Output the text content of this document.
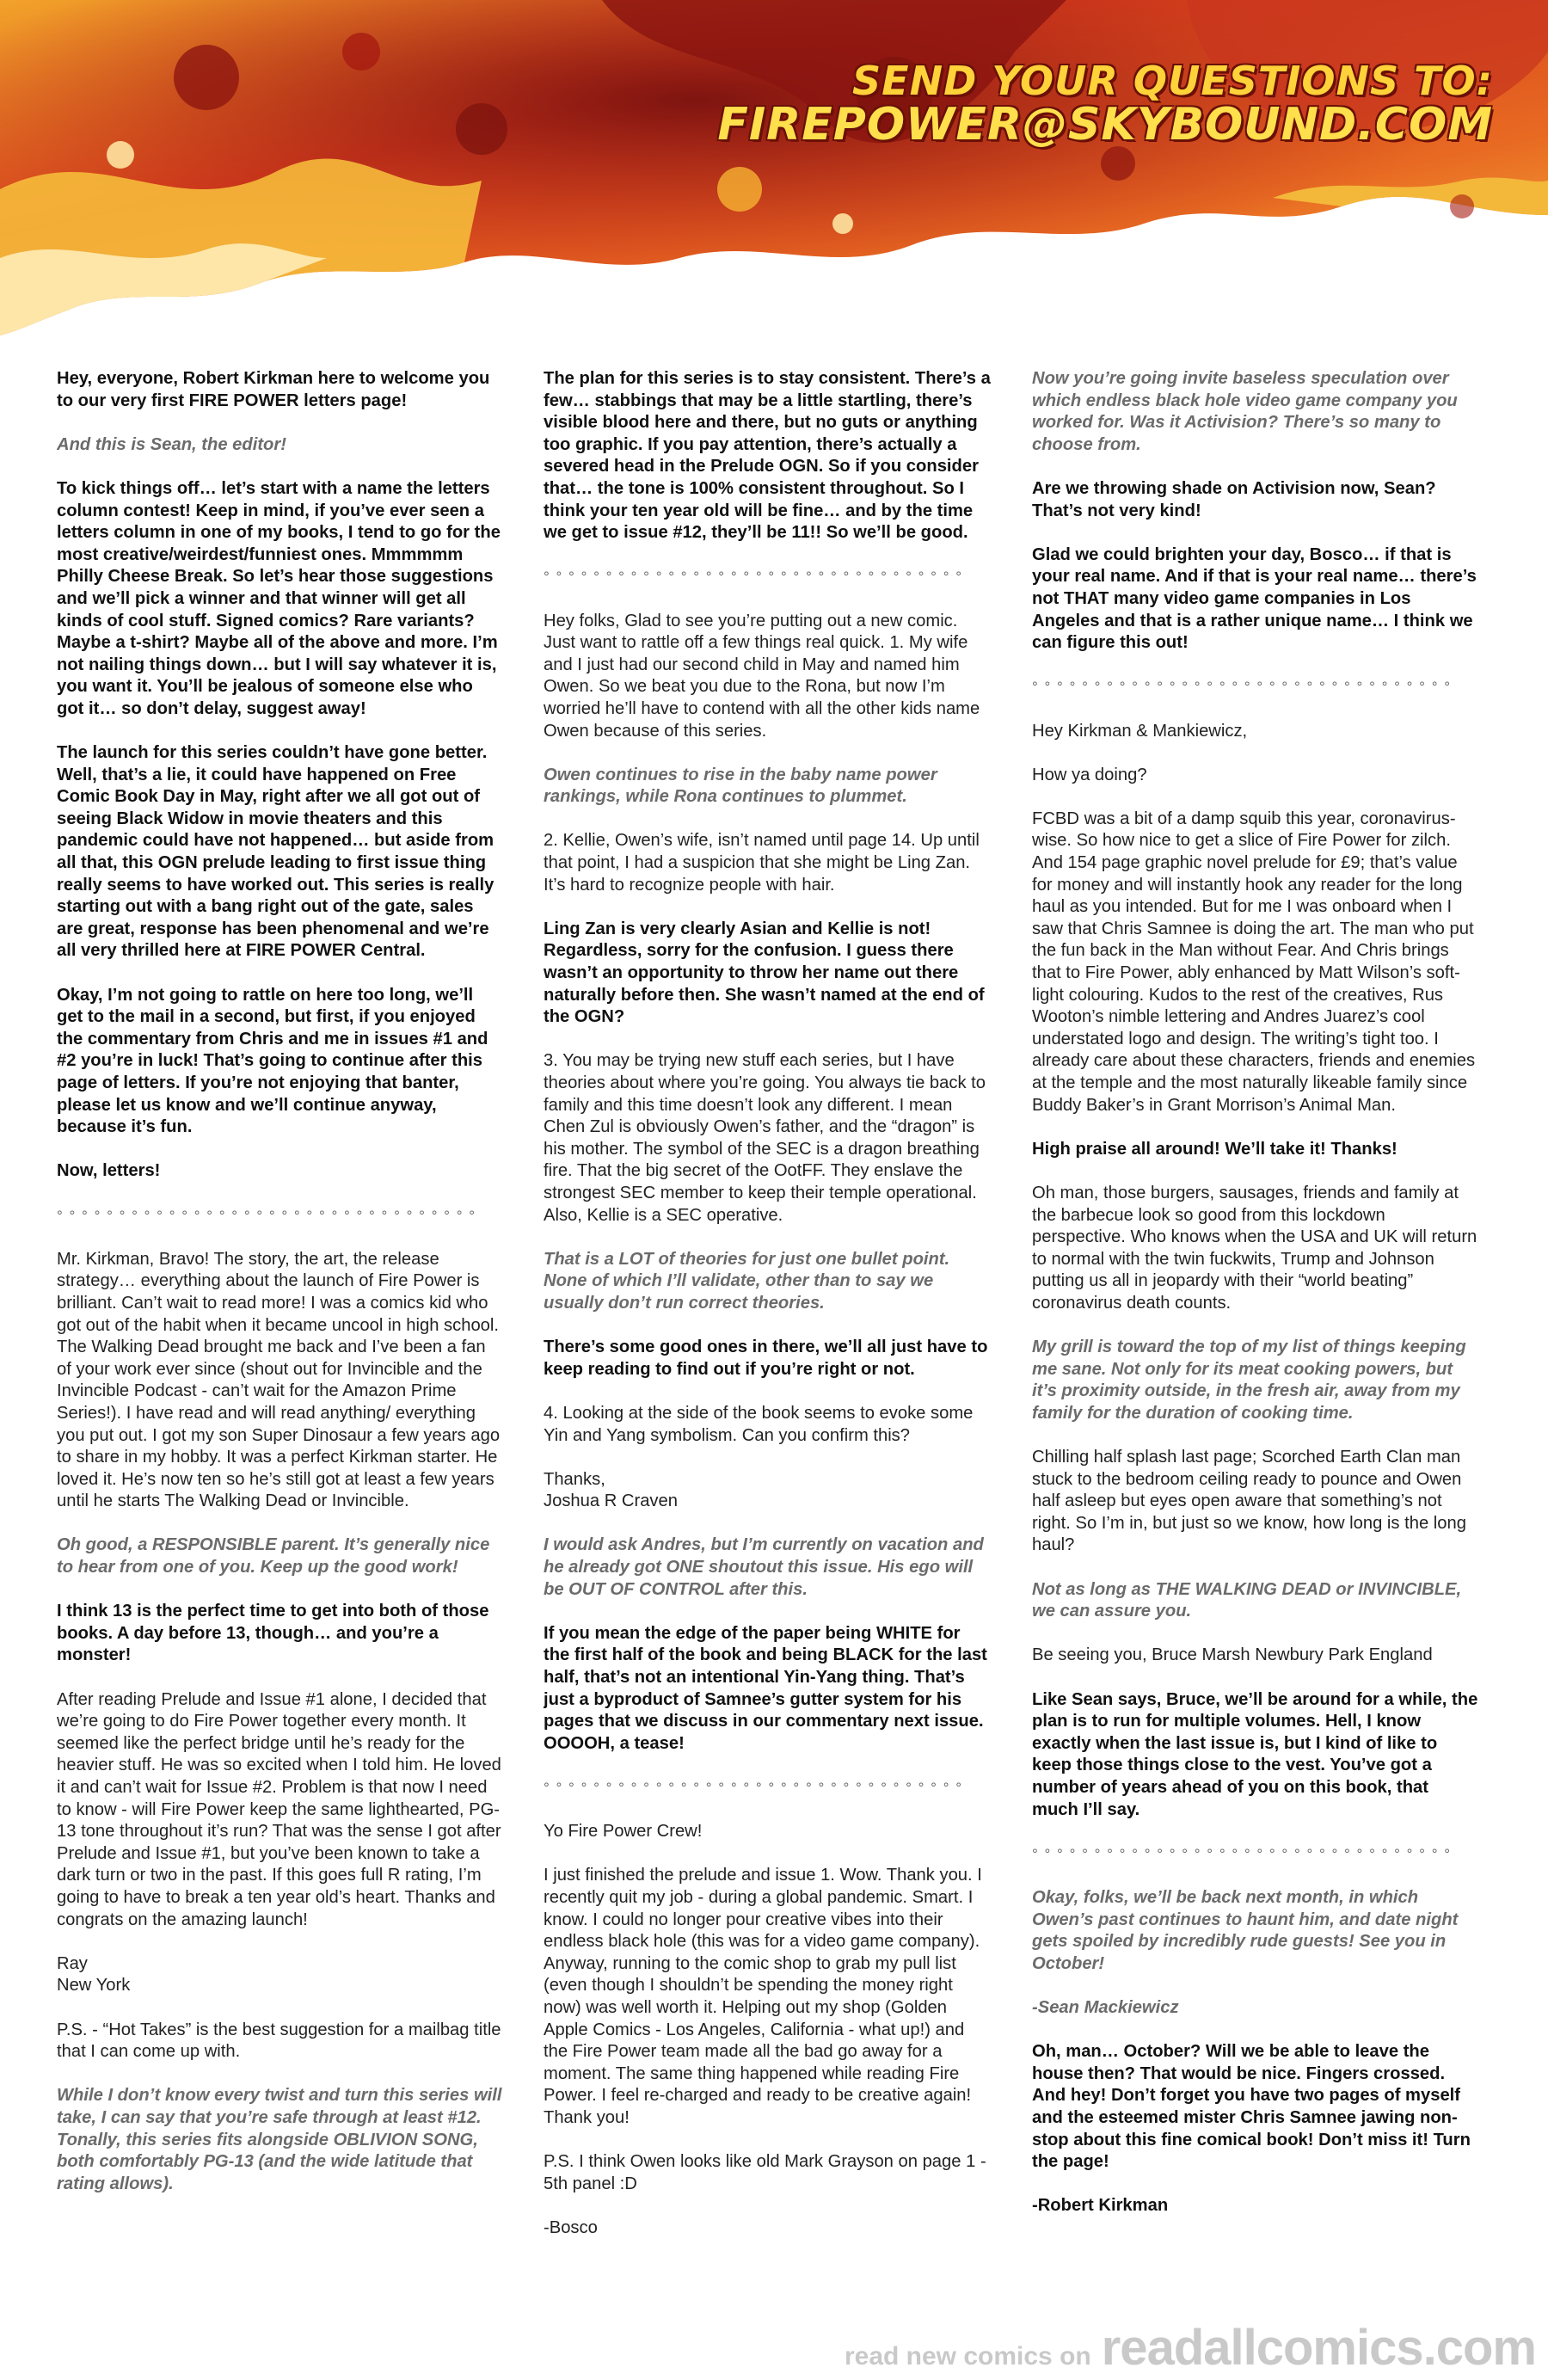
SEND YOUR QUESTIONS TO:
FIREPOWER@SKYBOUND.COM

Hey, everyone, Robert Kirkman here to welcome you to our very first FIRE POWER letters page!

And this is Sean, the editor!

To kick things off… let’s start with a name the letters column contest! Keep in mind, if you’ve ever seen a letters column in one of my books, I tend to go for the most creative/weirdest/funniest ones. Mmmmmm Philly Cheese Break. So let’s hear those suggestions and we’ll pick a winner and that winner will get all kinds of cool stuff. Signed comics? Rare variants? Maybe a t-shirt? Maybe all of the above and more. I’m not nailing things down… but I will say whatever it is, you want it. You’ll be jealous of someone else who got it… so don’t delay, suggest away!

The launch for this series couldn’t have gone better. Well, that’s a lie, it could have happened on Free Comic Book Day in May, right after we all got out of seeing Black Widow in movie theaters and this pandemic could have not happened… but aside from all that, this OGN prelude leading to first issue thing really seems to have worked out. This series is really starting out with a bang right out of the gate, sales are great, response has been phenomenal and we’re all very thrilled here at FIRE POWER Central.

Okay, I’m not going to rattle on here too long, we’ll get to the mail in a second, but first, if you enjoyed the commentary from Chris and me in issues #1 and #2 you’re in luck! That’s going to continue after this page of letters. If you’re not enjoying that banter, please let us know and we’ll continue anyway, because it’s fun.

Now, letters!

° ° ° ° ° ° ° ° ° ° ° ° ° ° ° ° ° ° ° ° ° ° ° ° ° ° ° ° ° ° ° ° ° °

Mr. Kirkman, Bravo! The story, the art, the release strategy… everything about the launch of Fire Power is brilliant. Can’t wait to read more! I was a comics kid who got out of the habit when it became uncool in high school. The Walking Dead brought me back and I’ve been a fan of your work ever since (shout out for Invincible and the Invincible Podcast - can’t wait for the Amazon Prime Series!). I have read and will read anything/ everything you put out. I got my son Super Dinosaur a few years ago to share in my hobby. It was a perfect Kirkman starter. He loved it. He’s now ten so he’s still got at least a few years until he starts The Walking Dead or Invincible.

Oh good, a RESPONSIBLE parent. It’s generally nice to hear from one of you. Keep up the good work!

I think 13 is the perfect time to get into both of those books. A day before 13, though… and you’re a monster!

After reading Prelude and Issue #1 alone, I decided that we’re going to do Fire Power together every month. It seemed like the perfect bridge until he’s ready for the heavier stuff. He was so excited when I told him. He loved it and can’t wait for Issue #2. Problem is that now I need to know - will Fire Power keep the same lighthearted, PG-13 tone throughout it’s run? That was the sense I got after Prelude and Issue #1, but you’ve been known to take a dark turn or two in the past. If this goes full R rating, I’m going to have to break a ten year old’s heart. Thanks and congrats on the amazing launch!

Ray
New York

P.S. - “Hot Takes” is the best suggestion for a mailbag title that I can come up with.

While I don’t know every twist and turn this series will take, I can say that you’re safe through at least #12. Tonally, this series fits alongside OBLIVION SONG, both comfortably PG-13 (and the wide latitude that rating allows).

The plan for this series is to stay consistent. There’s a few… stabbings that may be a little startling, there’s visible blood here and there, but no guts or anything too graphic. If you pay attention, there’s actually a severed head in the Prelude OGN. So if you consider that… the tone is 100% consistent throughout. So I think your ten year old will be fine… and by the time we get to issue #12, they’ll be 11!! So we’ll be good.

° ° ° ° ° ° ° ° ° ° ° ° ° ° ° ° ° ° ° ° ° ° ° ° ° ° ° ° ° ° ° ° ° °

Hey folks, Glad to see you’re putting out a new comic. Just want to rattle off a few things real quick. 1. My wife and I just had our second child in May and named him Owen. So we beat you due to the Rona, but now I’m worried he’ll have to contend with all the other kids name Owen because of this series.

Owen continues to rise in the baby name power rankings, while Rona continues to plummet.

2. Kellie, Owen’s wife, isn’t named until page 14. Up until that point, I had a suspicion that she might be Ling Zan. It’s hard to recognize people with hair.

Ling Zan is very clearly Asian and Kellie is not! Regardless, sorry for the confusion. I guess there wasn’t an opportunity to throw her name out there naturally before then. She wasn’t named at the end of the OGN?

3. You may be trying new stuff each series, but I have theories about where you’re going. You always tie back to family and this time doesn’t look any different. I mean Chen Zul is obviously Owen’s father, and the “dragon” is his mother. The symbol of the SEC is a dragon breathing fire. That the big secret of the OotFF. They enslave the strongest SEC member to keep their temple operational. Also, Kellie is a SEC operative.

That is a LOT of theories for just one bullet point. None of which I’ll validate, other than to say we usually don’t run correct theories.

There’s some good ones in there, we’ll all just have to keep reading to find out if you’re right or not.

4. Looking at the side of the book seems to evoke some Yin and Yang symbolism. Can you confirm this?

Thanks,
Joshua R Craven

I would ask Andres, but I’m currently on vacation and he already got ONE shoutout this issue. His ego will be OUT OF CONTROL after this.

If you mean the edge of the paper being WHITE for the first half of the book and being BLACK for the last half, that’s not an intentional Yin-Yang thing. That’s just a byproduct of Samnee’s gutter system for his pages that we discuss in our commentary next issue. OOOOH, a tease!

° ° ° ° ° ° ° ° ° ° ° ° ° ° ° ° ° ° ° ° ° ° ° ° ° ° ° ° ° ° ° ° ° °

Yo Fire Power Crew!

I just finished the prelude and issue 1. Wow. Thank you. I recently quit my job - during a global pandemic. Smart. I know. I could no longer pour creative vibes into their endless black hole (this was for a video game company). Anyway, running to the comic shop to grab my pull list (even though I shouldn’t be spending the money right now) was well worth it. Helping out my shop (Golden Apple Comics - Los Angeles, California - what up!) and the Fire Power team made all the bad go away for a moment. The same thing happened while reading Fire Power. I feel re-charged and ready to be creative again! Thank you!

P.S. I think Owen looks like old Mark Grayson on page 1 - 5th panel :D

-Bosco

Now you’re going invite baseless speculation over which endless black hole video game company you worked for. Was it Activision? There’s so many to choose from.

Are we throwing shade on Activision now, Sean? That’s not very kind!

Glad we could brighten your day, Bosco… if that is your real name. And if that is your real name… there’s not THAT many video game companies in Los Angeles and that is a rather unique name… I think we can figure this out!

° ° ° ° ° ° ° ° ° ° ° ° ° ° ° ° ° ° ° ° ° ° ° ° ° ° ° ° ° ° ° ° ° °

Hey Kirkman & Mankiewicz,

How ya doing?

FCBD was a bit of a damp squib this year, coronavirus-wise. So how nice to get a slice of Fire Power for zilch. And 154 page graphic novel prelude for £9; that’s value for money and will instantly hook any reader for the long haul as you intended. But for me I was onboard when I saw that Chris Samnee is doing the art. The man who put the fun back in the Man without Fear. And Chris brings that to Fire Power, ably enhanced by Matt Wilson’s soft-light colouring. Kudos to the rest of the creatives, Rus Wooton’s nimble lettering and Andres Juarez’s cool understated logo and design. The writing’s tight too. I already care about these characters, friends and enemies at the temple and the most naturally likeable family since Buddy Baker’s in Grant Morrison’s Animal Man.

High praise all around! We’ll take it! Thanks!

Oh man, those burgers, sausages, friends and family at the barbecue look so good from this lockdown perspective. Who knows when the USA and UK will return to normal with the twin fuckwits, Trump and Johnson putting us all in jeopardy with their “world beating” coronavirus death counts.

My grill is toward the top of my list of things keeping me sane. Not only for its meat cooking powers, but it’s proximity outside, in the fresh air, away from my family for the duration of cooking time.

Chilling half splash last page; Scorched Earth Clan man stuck to the bedroom ceiling ready to pounce and Owen half asleep but eyes open aware that something’s not right. So I’m in, but just so we know, how long is the long haul?

Not as long as THE WALKING DEAD or INVINCIBLE, we can assure you.

Be seeing you, Bruce Marsh Newbury Park England

Like Sean says, Bruce, we’ll be around for a while, the plan is to run for multiple volumes. Hell, I know exactly when the last issue is, but I kind of like to keep those things close to the vest. You’ve got a number of years ahead of you on this book, that much I’ll say.

° ° ° ° ° ° ° ° ° ° ° ° ° ° ° ° ° ° ° ° ° ° ° ° ° ° ° ° ° ° ° ° ° °

Okay, folks, we’ll be back next month, in which Owen’s past continues to haunt him, and date night gets spoiled by incredibly rude guests! See you in October!

-Sean Mackiewicz

Oh, man… October? Will we be able to leave the house then? That would be nice. Fingers crossed. And hey! Don’t forget you have two pages of myself and the esteemed mister Chris Samnee jawing non-stop about this fine comical book! Don’t miss it! Turn the page!

-Robert Kirkman

read new comics on readallcomics.com
